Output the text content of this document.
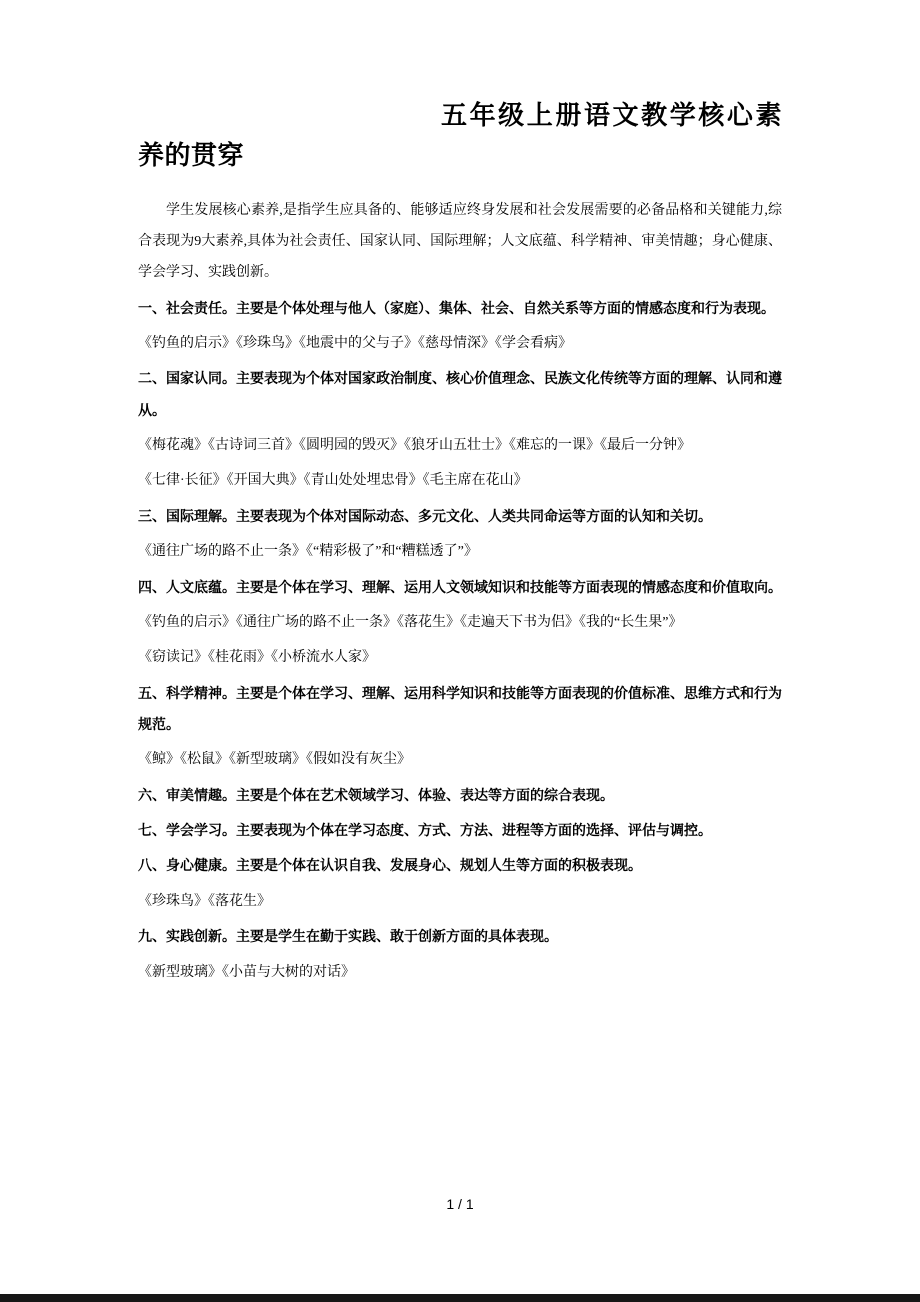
五年级上册语文教学核心素养的贯穿

学生发展核心素养,是指学生应具备的、能够适应终身发展和社会发展需要的必备品格和关键能力,综合表现为9大素养,具体为社会责任、国家认同、国际理解；人文底蕴、科学精神、审美情趣；身心健康、学会学习、实践创新。

一、社会责任。主要是个体处理与他人（家庭）、集体、社会、自然关系等方面的情感态度和行为表现。

《钓鱼的启示》《珍珠鸟》《地震中的父与子》《慈母情深》《学会看病》

二、国家认同。主要表现为个体对国家政治制度、核心价值理念、民族文化传统等方面的理解、认同和遵从。

《梅花魂》《古诗词三首》《圆明园的毁灭》《狼牙山五壮士》《难忘的一课》《最后一分钟》

《七律·长征》《开国大典》《青山处处埋忠骨》《毛主席在花山》

三、国际理解。主要表现为个体对国际动态、多元文化、人类共同命运等方面的认知和关切。

《通往广场的路不止一条》《“精彩极了”和“糟糕透了”》

四、人文底蕴。主要是个体在学习、理解、运用人文领域知识和技能等方面表现的情感态度和价值取向。

《钓鱼的启示》《通往广场的路不止一条》《落花生》《走遍天下书为侣》《我的“长生果”》

《窃读记》《桂花雨》《小桥流水人家》

五、科学精神。主要是个体在学习、理解、运用科学知识和技能等方面表现的价值标准、思维方式和行为规范。

《鲸》《松鼠》《新型玻璃》《假如没有灰尘》

六、审美情趣。主要是个体在艺术领域学习、体验、表达等方面的综合表现。

七、学会学习。主要表现为个体在学习态度、方式、方法、进程等方面的选择、评估与调控。

八、身心健康。主要是个体在认识自我、发展身心、规划人生等方面的积极表现。

《珍珠鸟》《落花生》

九、实践创新。主要是学生在勤于实践、敢于创新方面的具体表现。

《新型玻璃》《小苗与大树的对话》

1 / 1
